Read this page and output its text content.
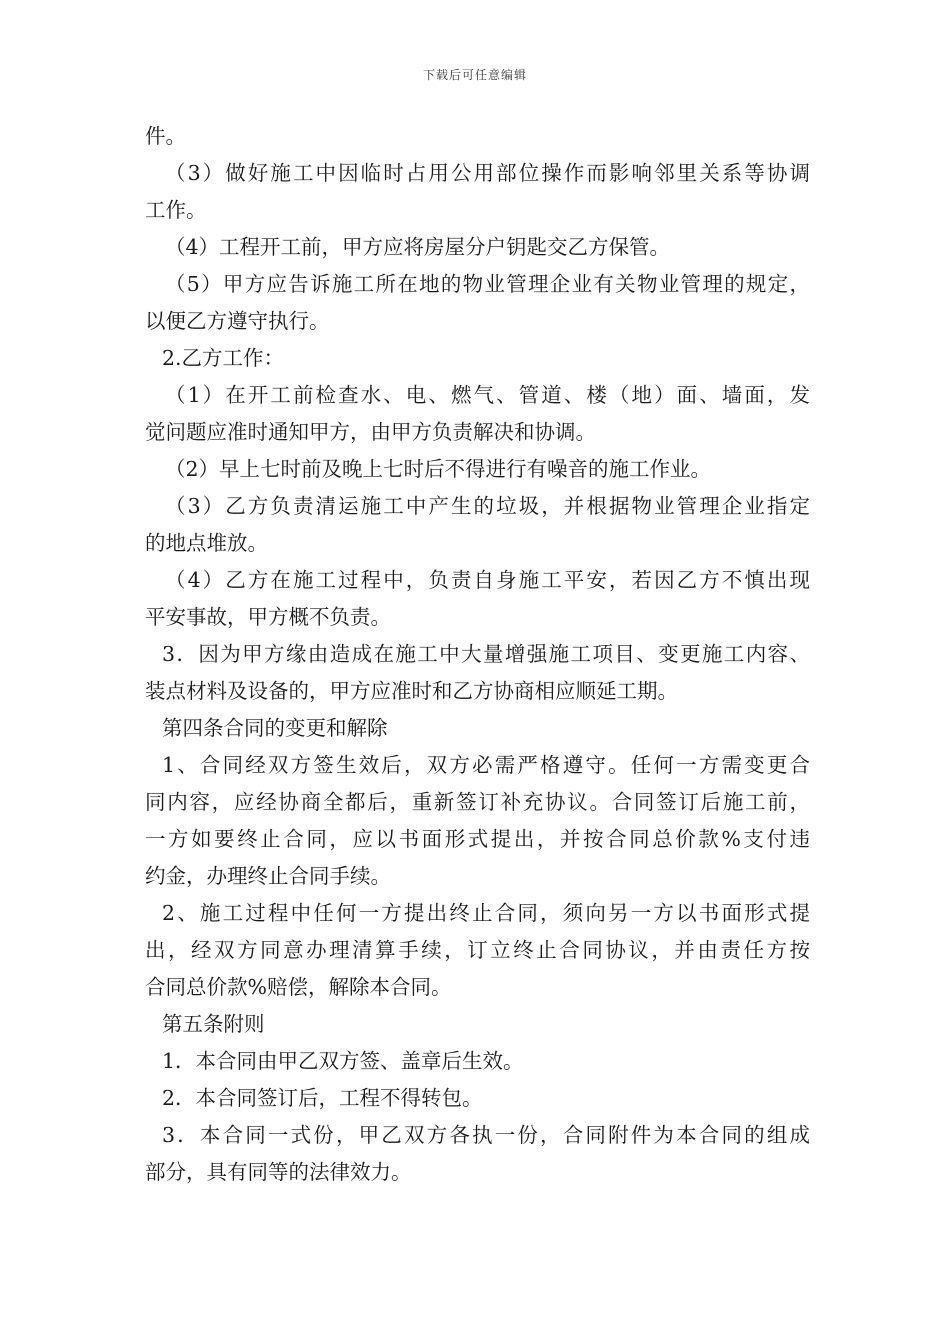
下载后可任意编辑
件。
（3）做好施工中因临时占用公用部位操作而影响邻里关系等协调
工作。
（4）工程开工前，甲方应将房屋分户钥匙交乙方保管。
（5）甲方应告诉施工所在地的物业管理企业有关物业管理的规定，
以便乙方遵守执行。
2.乙方工作：
（1）在开工前检查水、电、燃气、管道、楼（地）面、墙面，发
觉问题应准时通知甲方，由甲方负责解决和协调。
（2）早上七时前及晚上七时后不得进行有噪音的施工作业。
（3）乙方负责清运施工中产生的垃圾，并根据物业管理企业指定
的地点堆放。
（4）乙方在施工过程中，负责自身施工平安，若因乙方不慎出现
平安事故，甲方概不负责。
3．因为甲方缘由造成在施工中大量增强施工项目、变更施工内容、
装点材料及设备的，甲方应准时和乙方协商相应顺延工期。
第四条合同的变更和解除
1、合同经双方签生效后，双方必需严格遵守。任何一方需变更合
同内容，应经协商全都后，重新签订补充协议。合同签订后施工前，
一方如要终止合同，应以书面形式提出，并按合同总价款%支付违
约金，办理终止合同手续。
2、施工过程中任何一方提出终止合同，须向另一方以书面形式提
出，经双方同意办理清算手续，订立终止合同协议，并由责任方按
合同总价款%赔偿，解除本合同。
第五条附则
1．本合同由甲乙双方签、盖章后生效。
2．本合同签订后，工程不得转包。
3．本合同一式份，甲乙双方各执一份，合同附件为本合同的组成
部分，具有同等的法律效力。
